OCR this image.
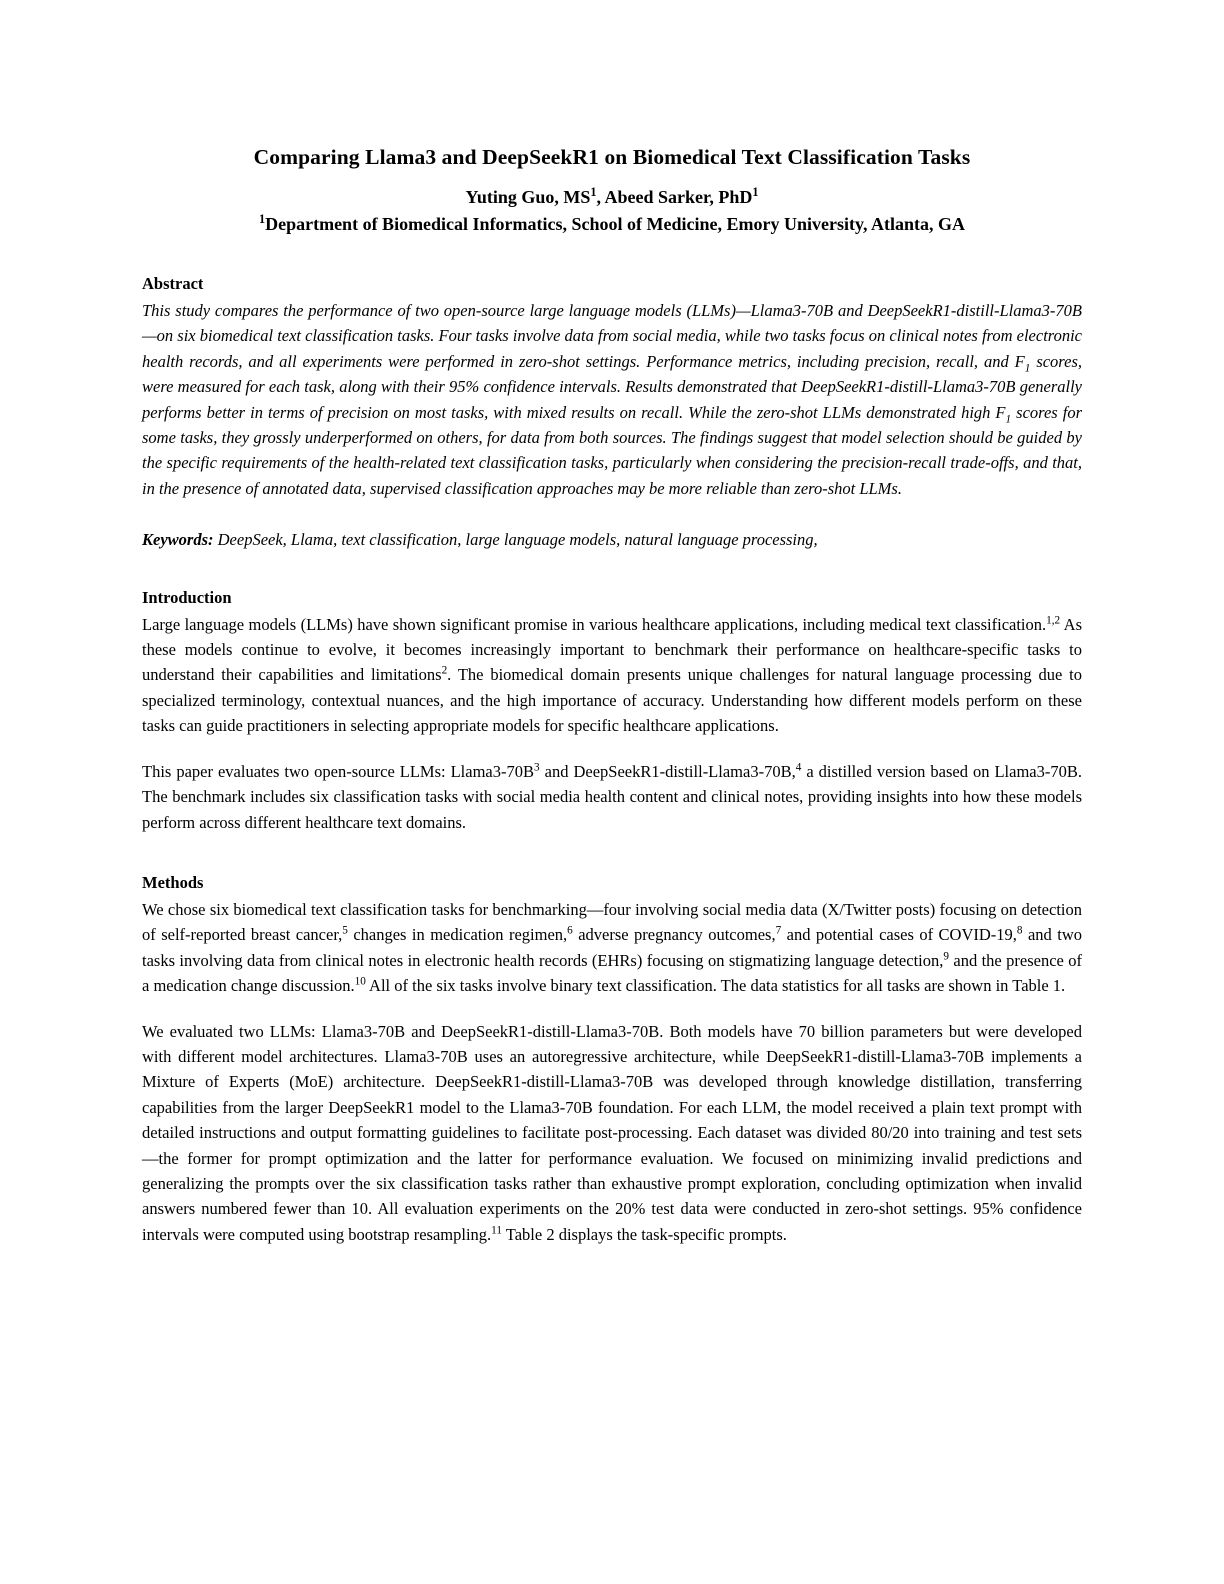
Comparing Llama3 and DeepSeekR1 on Biomedical Text Classification Tasks

Yuting Guo, $MS^1$, Abeed Sarker, PhD$^1$

$^1$Department of Biomedical Informatics, School of Medicine, Emory University, Atlanta, GA

Abstract

This study compares the performance of two open-source large language models (LLMs)—Llama3-70B and DeepSeekR1-distill-Llama3-70B—on six biomedical text classification tasks. Four tasks involve data from social media, while two tasks focus on clinical notes from electronic health records, and all experiments were performed in zero-shot settings. Performance metrics, including precision, recall, and $F_1$ scores, were measured for each task, along with their 95% confidence intervals. Results demonstrated that DeepSeekR1-distill-Llama3-70B generally performs better in terms of precision on most tasks, with mixed results on recall. While the zero-shot LLMs demonstrated high $F_1$ scores for some tasks, they grossly underperformed on others, for data from both sources. The findings suggest that model selection should be guided by the specific requirements of the health-related text classification tasks, particularly when considering the precision-recall trade-offs, and that, in the presence of annotated data, supervised classification approaches may be more reliable than zero-shot LLMs.

Keywords: DeepSeek, Llama, text classification, large language models, natural language processing,

Introduction

Large language models (LLMs) have shown significant promise in various healthcare applications, including medical text classification.$^{1,2}$ As these models continue to evolve, it becomes increasingly important to benchmark their performance on healthcare-specific tasks to understand their capabilities and limitations$^2$. The biomedical domain presents unique challenges for natural language processing due to specialized terminology, contextual nuances, and the high importance of accuracy. Understanding how different models perform on these tasks can guide practitioners in selecting appropriate models for specific healthcare applications.

This paper evaluates two open-source LLMs: $Llama3-70B^3$ and DeepSeekR1-distill-Llama3-70B,$^4$ a distilled version based on Llama3-70B. The benchmark includes six classification tasks with social media health content and clinical notes, providing insights into how these models perform across different healthcare text domains.

Methods

We chose six biomedical text classification tasks for benchmarking—four involving social media data (X/Twitter posts) focusing on detection of self-reported breast cancer,$^5$ changes in medication regimen,$^6$ adverse pregnancy outcomes,$^7$ and potential cases of COVID-19,$^8$ and two tasks involving data from clinical notes in electronic health records (EHRs) focusing on stigmatizing language detection,$^9$ and the presence of a medication change discussion.$^{10}$ All of the six tasks involve binary text classification. The data statistics for all tasks are shown in Table 1.

We evaluated two LLMs: Llama3-70B and DeepSeekR1-distill-Llama3-70B. Both models have 70 billion parameters but were developed with different model architectures. Llama3-70B uses an autoregressive architecture, while DeepSeekR1-distill-Llama3-70B implements a Mixture of Experts (MoE) architecture. DeepSeekR1-distill-Llama3-70B was developed through knowledge distillation, transferring capabilities from the larger DeepSeekR1 model to the Llama3-70B foundation. For each LLM, the model received a plain text prompt with detailed instructions and output formatting guidelines to facilitate post-processing. Each dataset was divided 80/20 into training and test sets—the former for prompt optimization and the latter for performance evaluation. We focused on minimizing invalid predictions and generalizing the prompts over the six classification tasks rather than exhaustive prompt exploration, concluding optimization when invalid answers numbered fewer than 10. All evaluation experiments on the 20% test data were conducted in zero-shot settings. 95% confidence intervals were computed using bootstrap resampling.$^{11}$ Table 2 displays the task-specific prompts.
